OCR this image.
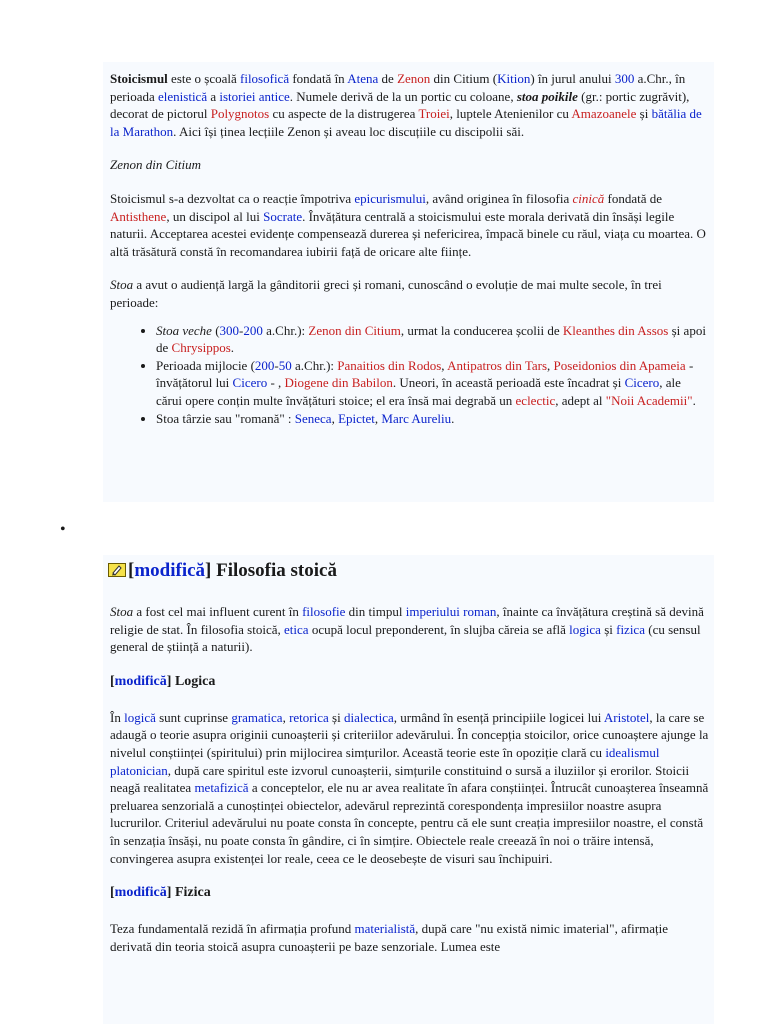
Stoicismul este o școală filosofică fondată în Atena de Zenon din Citium (Kition) în jurul anului 300 a.Chr., în perioada elenistică a istoriei antice. Numele derivă de la un portic cu coloane, stoa poikile (gr.: portic zugrăvit), decorat de pictorul Polygnotos cu aspecte de la distrugerea Troiei, luptele Atenienilor cu Amazoanele și bătălia de la Marathon. Aici își ținea lecțiile Zenon și aveau loc discuțiile cu discipolii săi.

Zenon din Citium

Stoicismul s-a dezvoltat ca o reacție împotriva epicurismului, având originea în filosofia cinică fondată de Antisthene, un discipol al lui Socrate. Învățătura centrală a stoicismului este morala derivată din însăși legile naturii. Acceptarea acestei evidențe compensează durerea și nefericirea, împacă binele cu răul, viața cu moartea. O altă trăsătură constă în recomandarea iubirii față de oricare alte ființe.

Stoa a avut o audiență largă la gânditorii greci și romani, cunoscând o evoluție de mai multe secole, în trei perioade:

• Stoa veche (300-200 a.Chr.): Zenon din Citium, urmat la conducerea școlii de Kleanthes din Assos și apoi de Chrysippos.
• Perioada mijlocie (200-50 a.Chr.): Panaitios din Rodos, Antipatros din Tars, Poseidonios din Apameia - învățătorul lui Cicero - , Diogene din Babilon. Uneori, în această perioadă este încadrat și Cicero, ale cărui opere conțin multe învățături stoice; el era însă mai degrabă un eclectic, adept al "Noii Academii".
• Stoa târzie sau "romană" : Seneca, Epictet, Marc Aureliu.
•
[modifică] Filosofia stoică

Stoa a fost cel mai influent curent în filosofie din timpul imperiului roman, înainte ca învățătura creștină să devină religie de stat. În filosofia stoică, etica ocupă locul preponderent, în slujba căreia se află logica și fizica (cu sensul general de știință a naturii).

[modifică] Logica

În logică sunt cuprinse gramatica, retorica și dialectica, urmând în esență principiile logicei lui Aristotel, la care se adaugă o teorie asupra originii cunoașterii și criteriilor adevărului. În concepția stoicilor, orice cunoaștere ajunge la nivelul conștiinței (spiritului) prin mijlocirea simțurilor. Această teorie este în opoziție clară cu idealismul platonician, după care spiritul este izvorul cunoașterii, simțurile constituind o sursă a iluziilor și erorilor. Stoicii neagă realitatea metafizică a conceptelor, ele nu ar avea realitate în afara conștiinței. Întrucât cunoașterea înseamnă preluarea senzorială a cunoștinței obiectelor, adevărul reprezintă corespondența impresiilor noastre asupra lucrurilor. Criteriul adevărului nu poate consta în concepte, pentru că ele sunt creația impresiilor noastre, el constă în senzația însăși, nu poate consta în gândire, ci în simțire. Obiectele reale creează în noi o trăire intensă, convingerea asupra existenței lor reale, ceea ce le deosebește de visuri sau închipuiri.

[modifică] Fizica

Teza fundamentală rezidă în afirmația profund materialistă, după care "nu există nimic imaterial", afirmație derivată din teoria stoică asupra cunoașterii pe baze senzoriale. Lumea este
